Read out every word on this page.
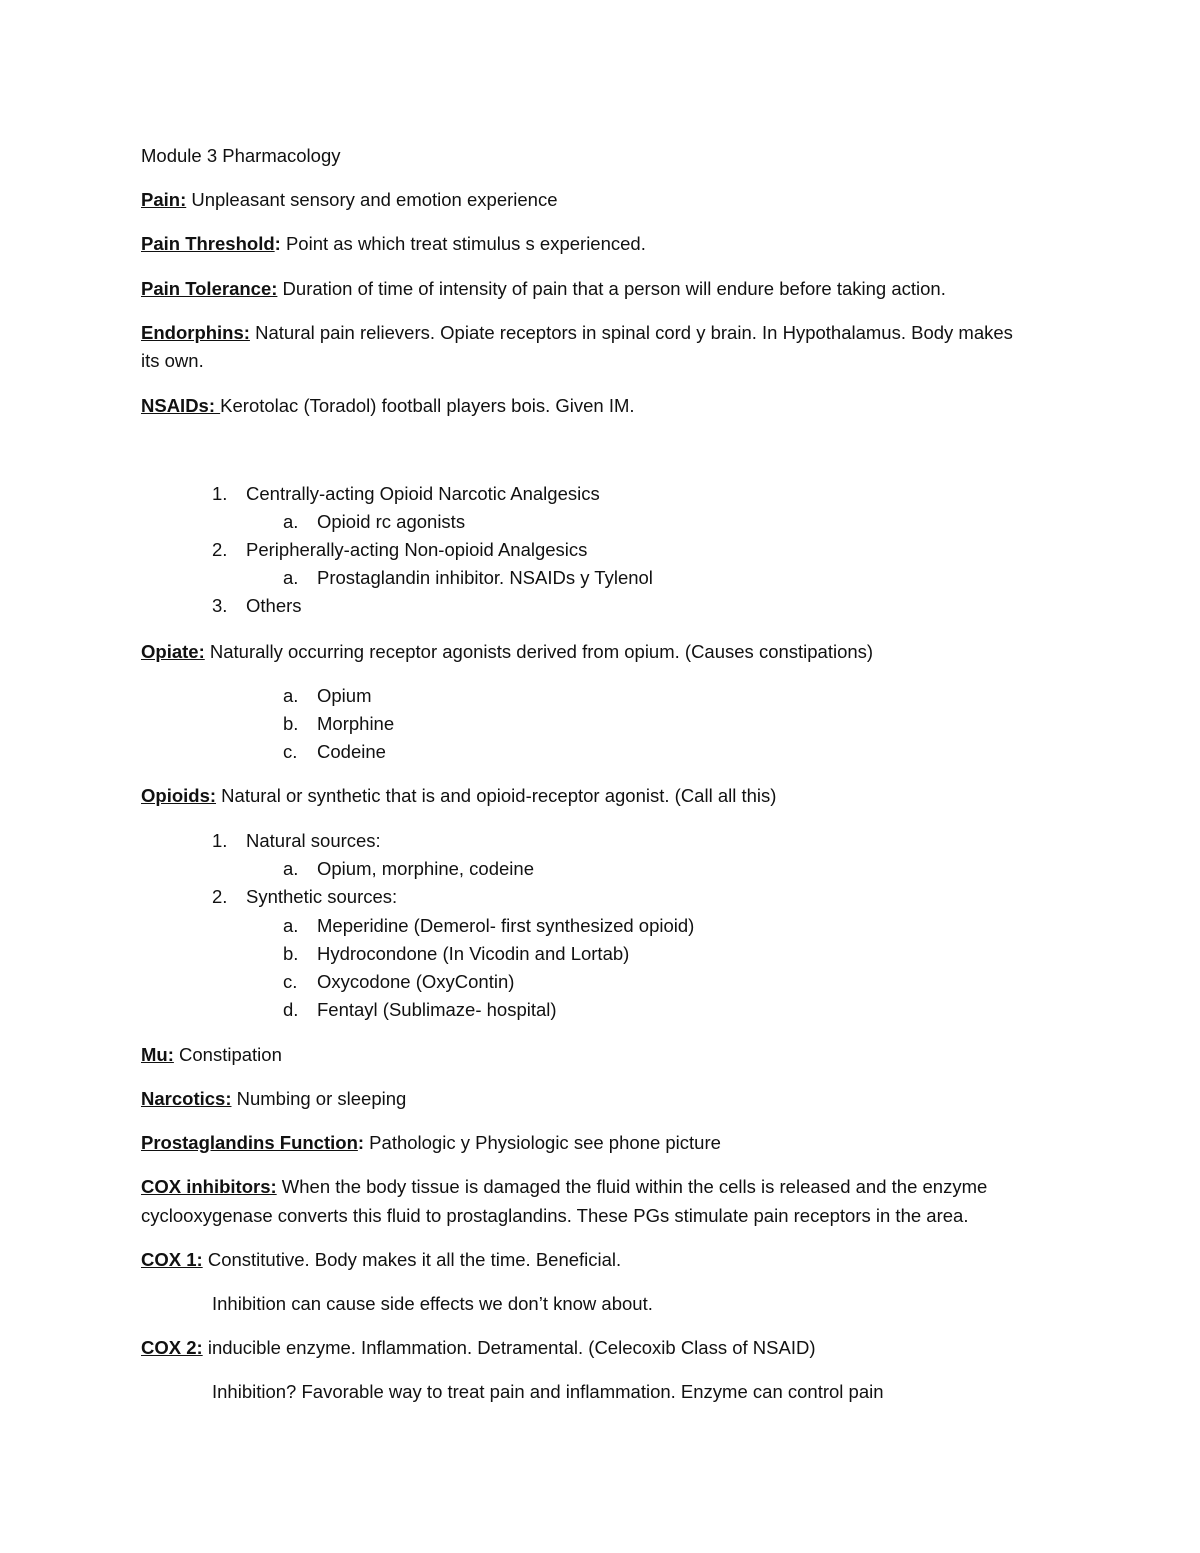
Module 3 Pharmacology
Pain: Unpleasant sensory and emotion experience
Pain Threshold: Point as which treat stimulus s experienced.
Pain Tolerance: Duration of time of intensity of pain that a person will endure before taking action.
Endorphins: Natural pain relievers. Opiate receptors in spinal cord y brain. In Hypothalamus. Body makes
its own.
NSAIDs: Kerotolac (Toradol) football players bois. Given IM.
1.	Centrally-acting Opioid Narcotic Analgesics
a.	Opioid rc agonists
2.	Peripherally-acting Non-opioid Analgesics
a.	Prostaglandin inhibitor. NSAIDs y Tylenol
3.	Others
Opiate: Naturally occurring receptor agonists derived from opium. (Causes constipations)
a.	Opium
b.	Morphine
c.	Codeine
Opioids: Natural or synthetic that is and opioid-receptor agonist. (Call all this)
1.	Natural sources:
a.	Opium, morphine, codeine
2.	Synthetic sources:
a.	Meperidine (Demerol- first synthesized opioid)
b.	Hydrocondone (In Vicodin and Lortab)
c.	Oxycodone (OxyContin)
d.	Fentayl (Sublimaze- hospital)
Mu: Constipation
Narcotics: Numbing or sleeping
Prostaglandins Function: Pathologic y Physiologic see phone picture
COX inhibitors: When the body tissue is damaged the fluid within the cells is released and the enzyme
cyclooxygenase converts this fluid to prostaglandins. These PGs stimulate pain receptors in the area.
COX 1: Constitutive. Body makes it all the time. Beneficial.
Inhibition can cause side effects we don’t know about.
COX 2: inducible enzyme. Inflammation. Detramental. (Celecoxib Class of NSAID)
Inhibition? Favorable way to treat pain and inflammation. Enzyme can control pain
